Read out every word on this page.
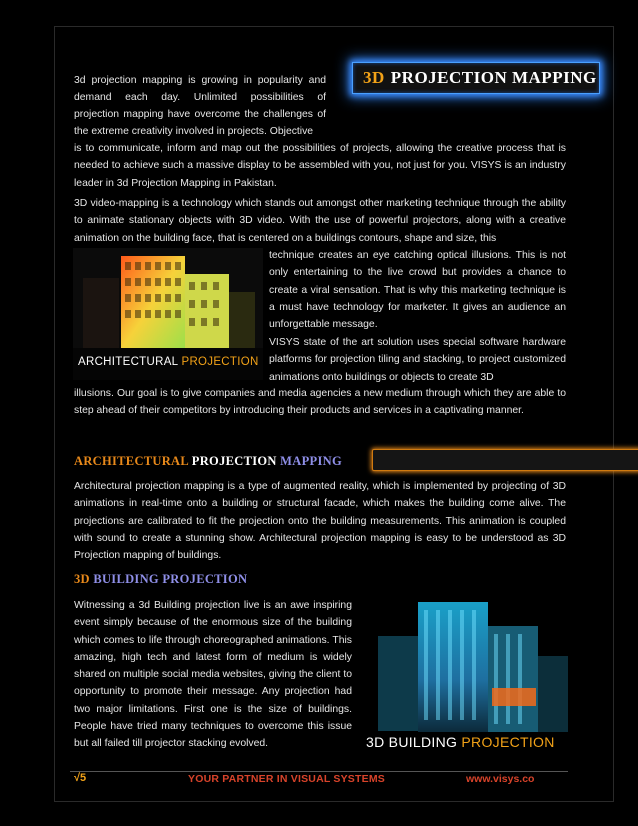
3D PROJECTION MAPPING

3d projection mapping is growing in popularity and

demand each day. Unlimited possibilities of

projection mapping have overcome the challenges of

the extreme creativity involved in projects. Objective

is to communicate, inform and map out the possibilities of projects, allowing the creative process that is needed to achieve such a massive display to be assembled with you, not just for you. VISYS is an industry leader in 3d Projection Mapping in Pakistan.

3D video-mapping is a technology which stands out amongst other marketing technique through the ability to animate stationary objects with 3D video. With the use of powerful projectors, along with a creative animation on the building face, that is centered on a buildings contours, shape and size, this

technique creates an eye catching optical illusions. This is not only entertaining to the live crowd but provides a chance to create a viral sensation. That is why this marketing technique is a must have technology for marketer. It gives an audience an unforgettable message.

ARCHITECTURAL PROJECTION

VISYS state of the art solution uses special software hardware platforms for projection tiling and stacking, to project customized animations onto buildings or objects to create 3D

illusions. Our goal is to give companies and media agencies a new medium through which they are able to step ahead of their competitors by introducing their products and services in a captivating manner.

ARCHITECTURAL PROJECTION MAPPING

Architectural projection mapping is a type of augmented reality, which is implemented by projecting of 3D animations in real-time onto a building or structural facade, which makes the building come alive. The projections are calibrated to fit the projection onto the building measurements. This animation is coupled with sound to create a stunning show. Architectural projection mapping is easy to be understood as 3D Projection mapping of buildings.

3D BUILDING PROJECTION

Witnessing a 3d Building projection live is an awe inspiring event simply because of the enormous size of the building which comes to life through choreographed animations. This amazing, high tech and latest form of medium is widely shared on multiple social media websites, giving the client to opportunity to promote their message. Any projection had two major limitations. First one is the size of buildings. People have tried many techniques to overcome this issue but all failed till projector stacking evolved.	3D BUILDING PROJECTION
√5	YOUR PARTNER IN VISUAL SYSTEMS	www.visys.co
